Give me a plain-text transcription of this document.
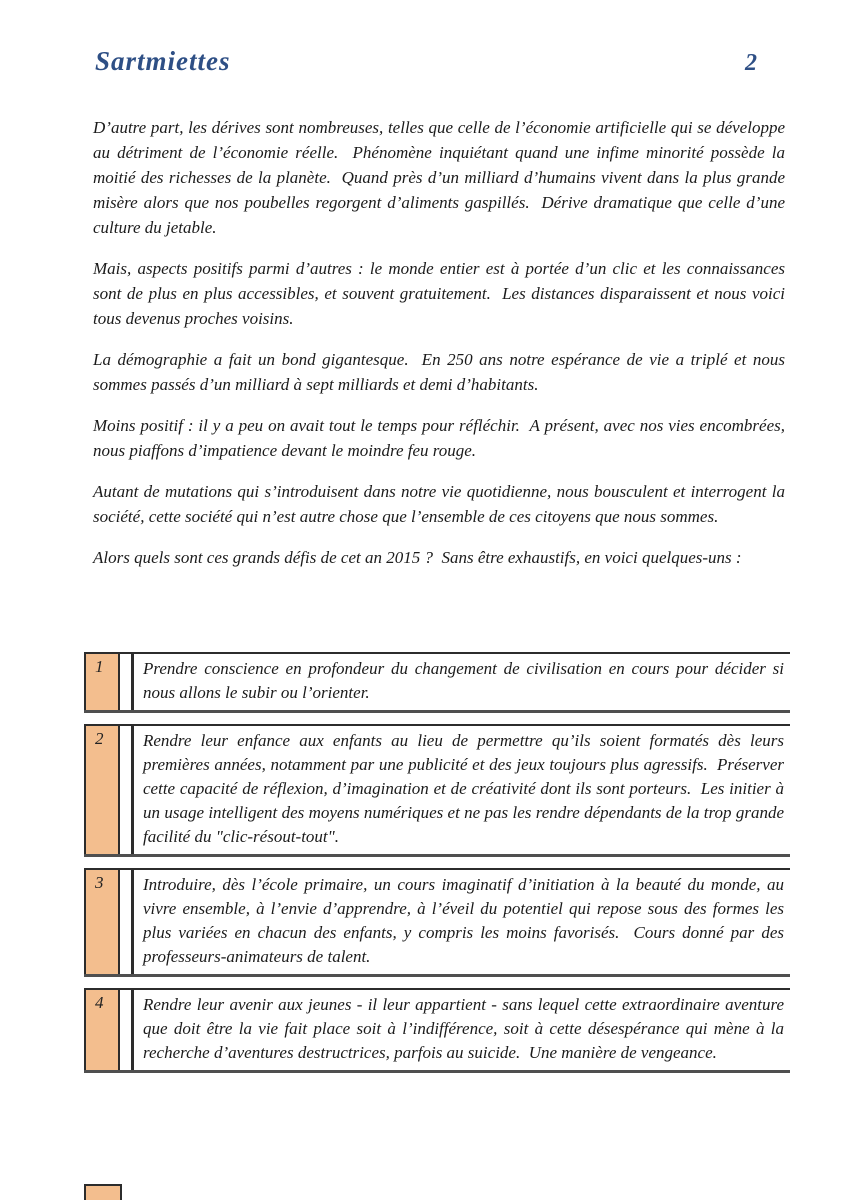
Sartmiettes	2

D’autre part, les dérives sont nombreuses, telles que celle de l’économie artificielle qui se développe au détriment de l’économie réelle.  Phénomène inquiétant quand une infime minorité possède la moitié des richesses de la planète.  Quand près d’un milliard d’humains vivent dans la plus grande misère alors que nos poubelles regorgent d’aliments gaspillés.  Dérive dramatique que celle d’une culture du jetable.

Mais, aspects positifs parmi d’autres : le monde entier est à portée d’un clic et les connaissances sont de plus en plus accessibles, et souvent gratuitement.  Les distances disparaissent et nous voici tous devenus proches voisins.

La démographie a fait un bond gigantesque.  En 250 ans notre espérance de vie a triplé et nous sommes passés d’un milliard à sept milliards et demi d’habitants.

Moins positif : il y a peu on avait tout le temps pour réfléchir.  A présent, avec nos vies encombrées, nous piaffons d’impatience devant le moindre feu rouge.

Autant de mutations qui s’introduisent dans notre vie quotidienne, nous bousculent et interrogent la société, cette société qui n’est autre chose que l’ensemble de ces citoyens que nous sommes.

Alors quels sont ces grands défis de cet an 2015 ?  Sans être exhaustifs, en voici quelques-uns :

1	Prendre conscience en profondeur du changement de civilisation en cours pour décider si nous allons le subir ou l’orienter.
2	Rendre leur enfance aux enfants au lieu de permettre qu’ils soient formatés dès leurs premières années, notamment par une publicité et des jeux toujours plus agressifs.  Préserver cette capacité de réflexion, d’imagination et de créativité dont ils sont porteurs.  Les initier à un usage intelligent des moyens numériques et ne pas les rendre dépendants de la trop grande facilité du "clic-résout-tout".
3	Introduire, dès l’école primaire, un cours imaginatif d’initiation à la beauté du monde, au vivre ensemble, à l’envie d’apprendre, à l’éveil du potentiel qui repose sous des formes les plus variées en chacun des enfants, y compris les moins favorisés.  Cours donné par des professeurs-animateurs de talent.
4	Rendre leur avenir aux jeunes - il leur appartient - sans lequel cette extraordinaire aventure que doit être la vie fait place soit à l’indifférence, soit à cette désespérance qui mène à la recherche d’aventures destructrices, parfois au suicide.  Une manière de vengeance.
